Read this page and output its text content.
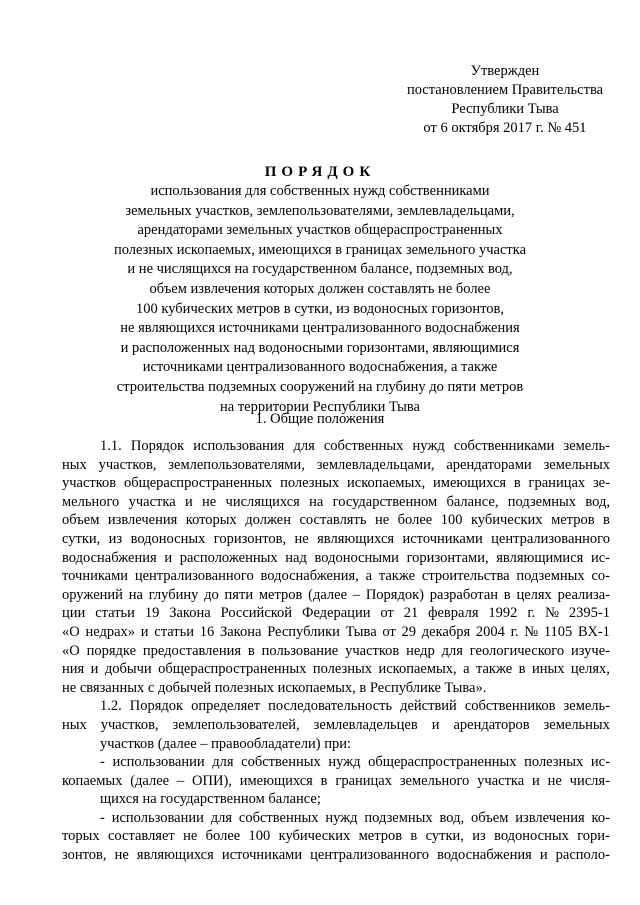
Утвержден
постановлением Правительства
Республики Тыва
от 6 октября 2017 г. № 451
ПОРЯДОК
использования для собственных нужд собственниками
земельных участков, землепользователями, землевладельцами,
арендаторами земельных участков общераспространенных
полезных ископаемых, имеющихся в границах земельного участка
и не числящихся на государственном балансе, подземных вод,
объем извлечения которых должен составлять не более
100 кубических метров в сутки, из водоносных горизонтов,
не являющихся источниками централизованного водоснабжения
и расположенных над водоносными горизонтами, являющимися
источниками централизованного водоснабжения, а также
строительства подземных сооружений на глубину до пяти метров
на территории Республики Тыва
1. Общие положения
1.1. Порядок использования для собственных нужд собственниками земель-
ных участков, землепользователями, землевладельцами, арендаторами земельных
участков общераспространенных полезных ископаемых, имеющихся в границах зе-
мельного участка и не числящихся на государственном балансе, подземных вод,
объем извлечения которых должен составлять не более 100 кубических метров в
сутки, из водоносных горизонтов, не являющихся источниками централизованного
водоснабжения и расположенных над водоносными горизонтами, являющимися ис-
точниками централизованного водоснабжения, а также строительства подземных со-
оружений на глубину до пяти метров (далее – Порядок) разработан в целях реализа-
ции статьи 19 Закона Российской Федерации от 21 февраля 1992 г. № 2395-1
«О недрах» и статьи 16 Закона Республики Тыва от 29 декабря 2004 г. № 1105 ВХ-1
«О порядке предоставления в пользование участков недр для геологического изуче-
ния и добычи общераспространенных полезных ископаемых, а также в иных целях,
не связанных с добычей полезных ископаемых, в Республике Тыва».
1.2. Порядок определяет последовательность действий собственников земель-
ных участков, землепользователей, землевладельцев и арендаторов земельных
участков (далее – правообладатели) при:
- использовании для собственных нужд общераспространенных полезных ис-
копаемых (далее – ОПИ), имеющихся в границах земельного участка и не числя-
щихся на государственном балансе;
- использовании для собственных нужд подземных вод, объем извлечения ко-
торых составляет не более 100 кубических метров в сутки, из водоносных гори-
зонтов, не являющихся источниками централизованного водоснабжения и располо-
